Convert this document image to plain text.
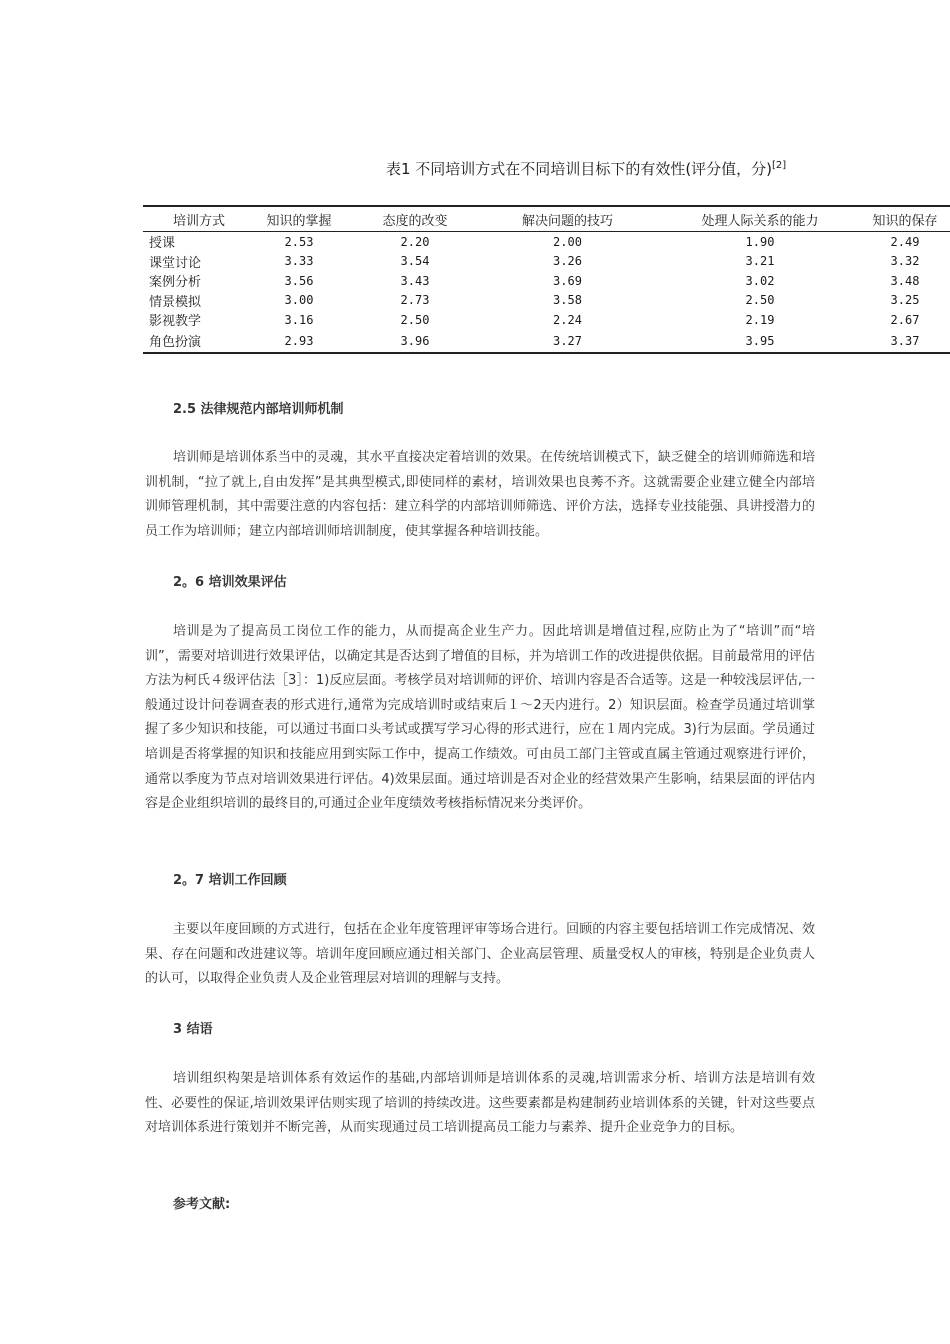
表1 不同培训方式在不同培训目标下的有效性(评分值，分)[2]
培训方式	知识的掌握	态度的改变	解决问题的技巧	处理人际关系的能力	知识的保存
授课	2.53	2.20	2.00	1.90	2.49
课堂讨论	3.33	3.54	3.26	3.21	3.32
案例分析	3.56	3.43	3.69	3.02	3.48
情景模拟	3.00	2.73	3.58	2.50	3.25
影视教学	3.16	2.50	2.24	2.19	2.67
角色扮演	2.93	3.96	3.27	3.95	3.37
2.5 法律规范内部培训师机制

培训师是培训体系当中的灵魂，其水平直接决定着培训的效果。在传统培训模式下，缺乏健全的培训师筛选和培训机制，“拉了就上,自由发挥”是其典型模式,即使同样的素材，培训效果也良莠不齐。这就需要企业建立健全内部培训师管理机制，其中需要注意的内容包括：建立科学的内部培训师筛选、评价方法，选择专业技能强、具讲授潜力的员工作为培训师；建立内部培训师培训制度，使其掌握各种培训技能。

2。6 培训效果评估

培训是为了提高员工岗位工作的能力，从而提高企业生产力。因此培训是增值过程,应防止为了“培训”而“培训”，需要对培训进行效果评估，以确定其是否达到了增值的目标，并为培训工作的改进提供依据。目前最常用的评估方法为柯氏４级评估法［3］：1)反应层面。考核学员对培训师的评价、培训内容是否合适等。这是一种较浅层评估,一般通过设计问卷调查表的形式进行,通常为完成培训时或结束后１～2天内进行。2）知识层面。检查学员通过培训掌握了多少知识和技能，可以通过书面口头考试或撰写学习心得的形式进行，应在１周内完成。3)行为层面。学员通过培训是否将掌握的知识和技能应用到实际工作中，提高工作绩效。可由员工部门主管或直属主管通过观察进行评价，通常以季度为节点对培训效果进行评估。4)效果层面。通过培训是否对企业的经营效果产生影响，结果层面的评估内容是企业组织培训的最终目的,可通过企业年度绩效考核指标情况来分类评价。

2。7 培训工作回顾

主要以年度回顾的方式进行，包括在企业年度管理评审等场合进行。回顾的内容主要包括培训工作完成情况、效果、存在问题和改进建议等。培训年度回顾应通过相关部门、企业高层管理、质量受权人的审核，特别是企业负责人的认可，以取得企业负责人及企业管理层对培训的理解与支持。

3 结语

培训组织构架是培训体系有效运作的基础,内部培训师是培训体系的灵魂,培训需求分析、培训方法是培训有效性、必要性的保证,培训效果评估则实现了培训的持续改进。这些要素都是构建制药业培训体系的关键，针对这些要点对培训体系进行策划并不断完善，从而实现通过员工培训提高员工能力与素养、提升企业竞争力的目标。

参考文献:
